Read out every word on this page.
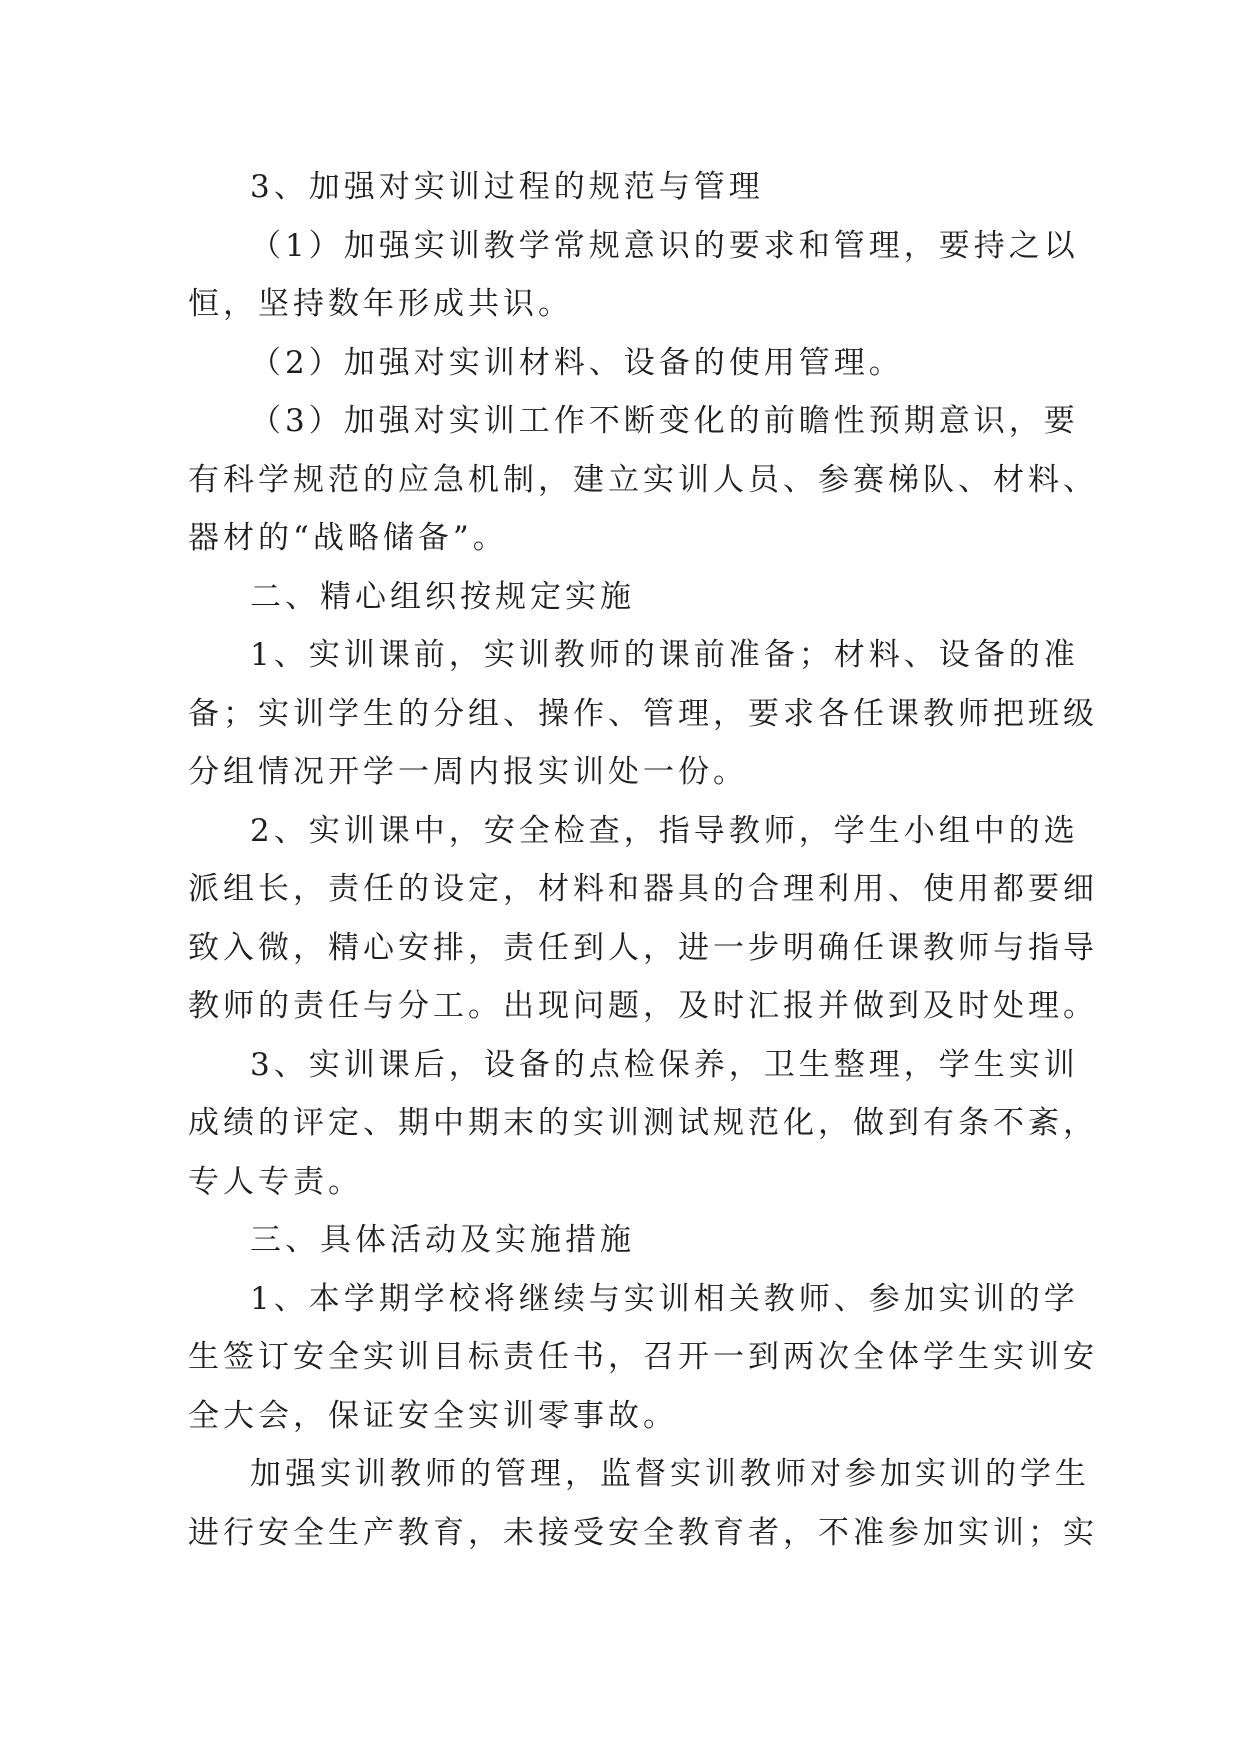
3、加强对实训过程的规范与管理

（1）加强实训教学常规意识的要求和管理，要持之以
恒，坚持数年形成共识。

（2）加强对实训材料、设备的使用管理。

（3）加强对实训工作不断变化的前瞻性预期意识，要
有科学规范的应急机制，建立实训人员、参赛梯队、材料、
器材的“战略储备”。

二、精心组织按规定实施

1、实训课前，实训教师的课前准备；材料、设备的准
备；实训学生的分组、操作、管理，要求各任课教师把班级
分组情况开学一周内报实训处一份。

2、实训课中，安全检查，指导教师，学生小组中的选
派组长，责任的设定，材料和器具的合理利用、使用都要细
致入微，精心安排，责任到人，进一步明确任课教师与指导
教师的责任与分工。出现问题，及时汇报并做到及时处理。

3、实训课后，设备的点检保养，卫生整理，学生实训
成绩的评定、期中期末的实训测试规范化，做到有条不紊，
专人专责。

三、具体活动及实施措施

1、本学期学校将继续与实训相关教师、参加实训的学
生签订安全实训目标责任书，召开一到两次全体学生实训安
全大会，保证安全实训零事故。

加强实训教师的管理，监督实训教师对参加实训的学生
进行安全生产教育，未接受安全教育者，不准参加实训；实
